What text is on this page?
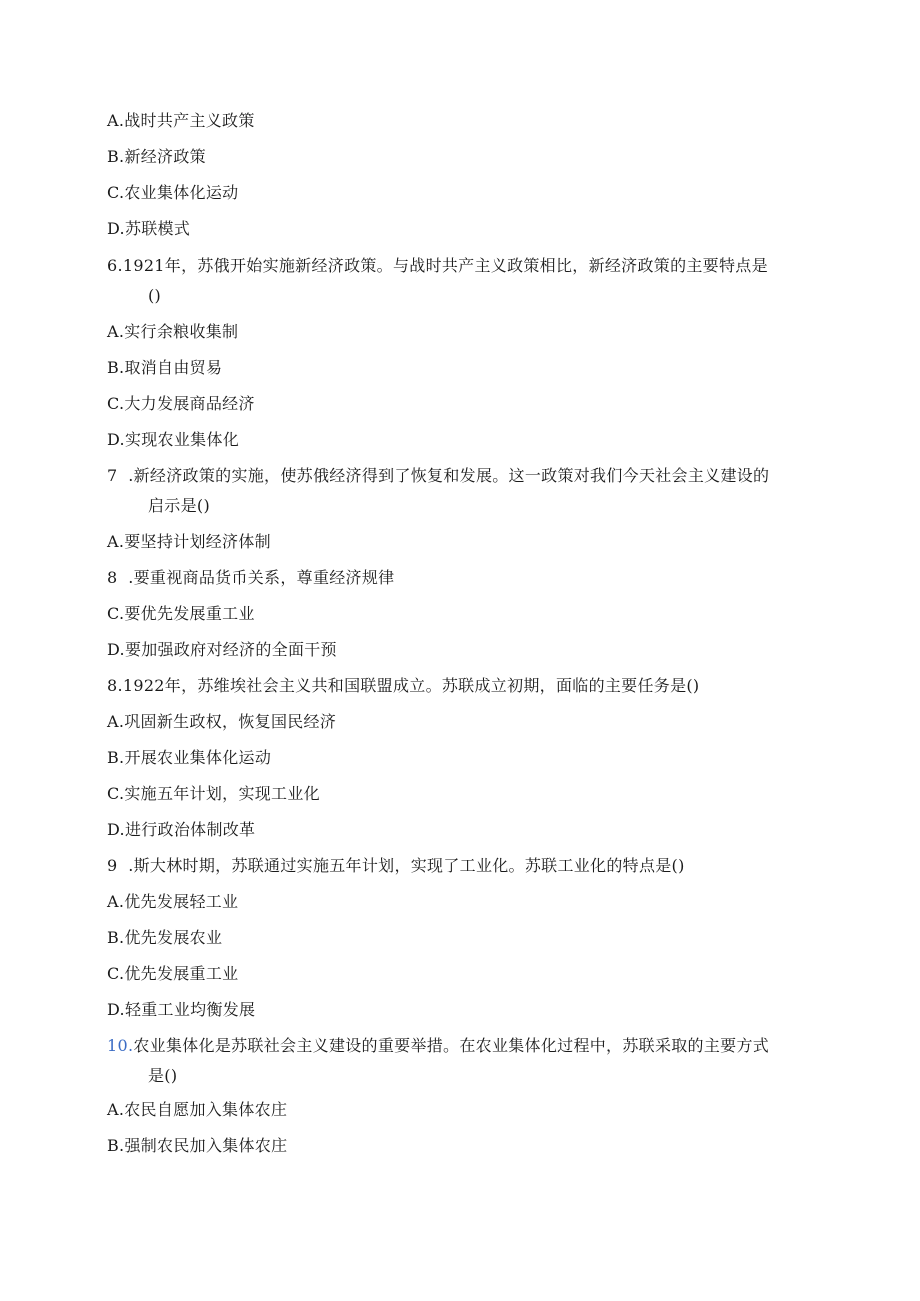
A.战时共产主义政策
B.新经济政策
C.农业集体化运动
D.苏联模式
6.1921年，苏俄开始实施新经济政策。与战时共产主义政策相比，新经济政策的主要特点是
()
A.实行余粮收集制
B.取消自由贸易
C.大力发展商品经济
D.实现农业集体化
7  .新经济政策的实施，使苏俄经济得到了恢复和发展。这一政策对我们今天社会主义建设的
启示是()
A.要坚持计划经济体制
8  .要重视商品货币关系，尊重经济规律
C.要优先发展重工业
D.要加强政府对经济的全面干预
8.1922年，苏维埃社会主义共和国联盟成立。苏联成立初期，面临的主要任务是()
A.巩固新生政权，恢复国民经济
B.开展农业集体化运动
C.实施五年计划，实现工业化
D.进行政治体制改革
9  .斯大林时期，苏联通过实施五年计划，实现了工业化。苏联工业化的特点是()
A.优先发展轻工业
B.优先发展农业
C.优先发展重工业
D.轻重工业均衡发展
10.农业集体化是苏联社会主义建设的重要举措。在农业集体化过程中，苏联采取的主要方式
是()
A.农民自愿加入集体农庄
B.强制农民加入集体农庄
